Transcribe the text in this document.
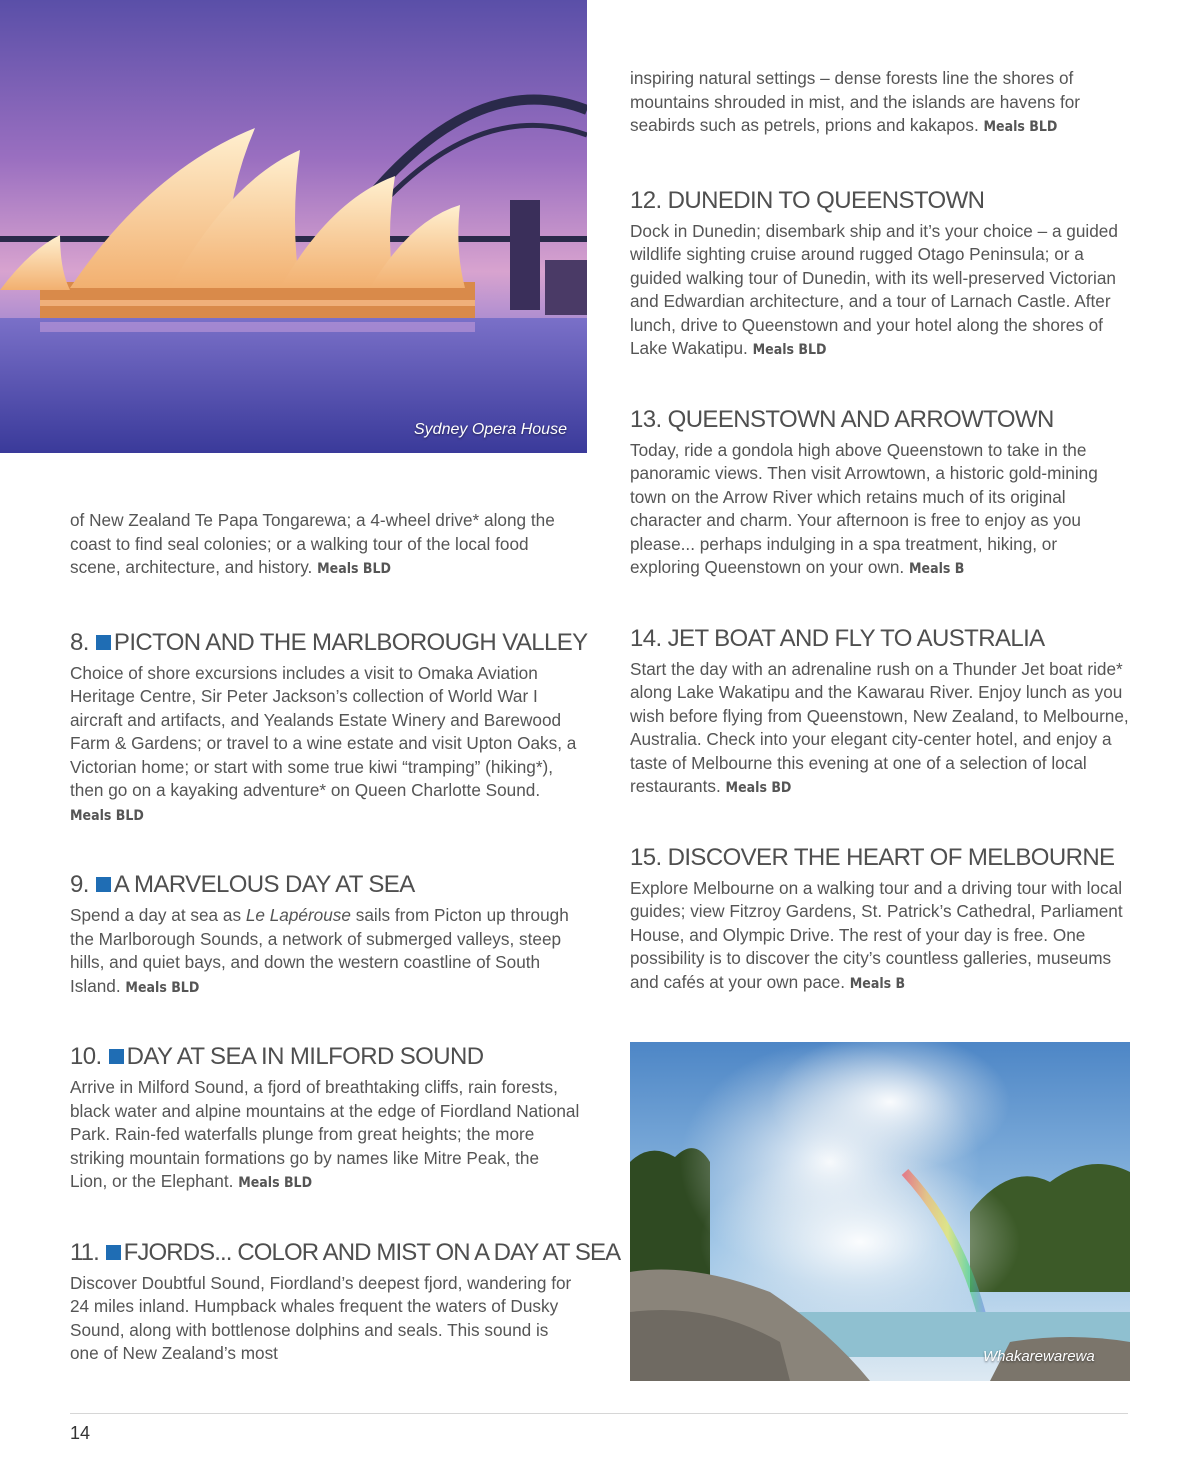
Sydney Opera House

of New Zealand Te Papa Tongarewa; a 4-wheel drive* along the coast to find seal colonies; or a walking tour of the local food scene, architecture, and history. Meals BLD

8. PICTON AND THE MARLBOROUGH VALLEY

Choice of shore excursions includes a visit to Omaka Aviation Heritage Centre, Sir Peter Jackson’s collection of World War I aircraft and artifacts, and Yealands Estate Winery and Barewood Farm & Gardens; or travel to a wine estate and visit Upton Oaks, a Victorian home; or start with some true kiwi “tramping” (hiking*), then go on a kayaking adventure* on Queen Charlotte Sound. Meals BLD

9. A MARVELOUS DAY AT SEA

Spend a day at sea as Le Lapérouse sails from Picton up through the Marlborough Sounds, a network of submerged valleys, steep hills, and quiet bays, and down the western coastline of South Island. Meals BLD

10. DAY AT SEA IN MILFORD SOUND

Arrive in Milford Sound, a fjord of breathtaking cliffs, rain forests, black water and alpine mountains at the edge of Fiordland National Park. Rain-fed waterfalls plunge from great heights; the more striking mountain formations go by names like Mitre Peak, the Lion, or the Elephant. Meals BLD

11. FJORDS... COLOR AND MIST ON A DAY AT SEA

Discover Doubtful Sound, Fiordland’s deepest fjord, wandering for 24 miles inland. Humpback whales frequent the waters of Dusky Sound, along with bottlenose dolphins and seals. This sound is one of New Zealand’s most

inspiring natural settings – dense forests line the shores of mountains shrouded in mist, and the islands are havens for seabirds such as petrels, prions and kakapos. Meals BLD

12. DUNEDIN TO QUEENSTOWN

Dock in Dunedin; disembark ship and it’s your choice – a guided wildlife sighting cruise around rugged Otago Peninsula; or a guided walking tour of Dunedin, with its well-preserved Victorian and Edwardian architecture, and a tour of Larnach Castle. After lunch, drive to Queenstown and your hotel along the shores of Lake Wakatipu. Meals BLD

13. QUEENSTOWN AND ARROWTOWN

Today, ride a gondola high above Queenstown to take in the panoramic views. Then visit Arrowtown, a historic gold-mining town on the Arrow River which retains much of its original character and charm. Your afternoon is free to enjoy as you please... perhaps indulging in a spa treatment, hiking, or exploring Queenstown on your own. Meals B

14. JET BOAT AND FLY TO AUSTRALIA

Start the day with an adrenaline rush on a Thunder Jet boat ride* along Lake Wakatipu and the Kawarau River. Enjoy lunch as you wish before flying from Queenstown, New Zealand, to Melbourne, Australia. Check into your elegant city-center hotel, and enjoy a taste of Melbourne this evening at one of a selection of local restaurants. Meals BD

15. DISCOVER THE HEART OF MELBOURNE

Explore Melbourne on a walking tour and a driving tour with local guides; view Fitzroy Gardens, St. Patrick’s Cathedral, Parliament House, and Olympic Drive. The rest of your day is free. One possibility is to discover the city’s countless galleries, museums and cafés at your own pace. Meals B

Whakarewarewa
14
